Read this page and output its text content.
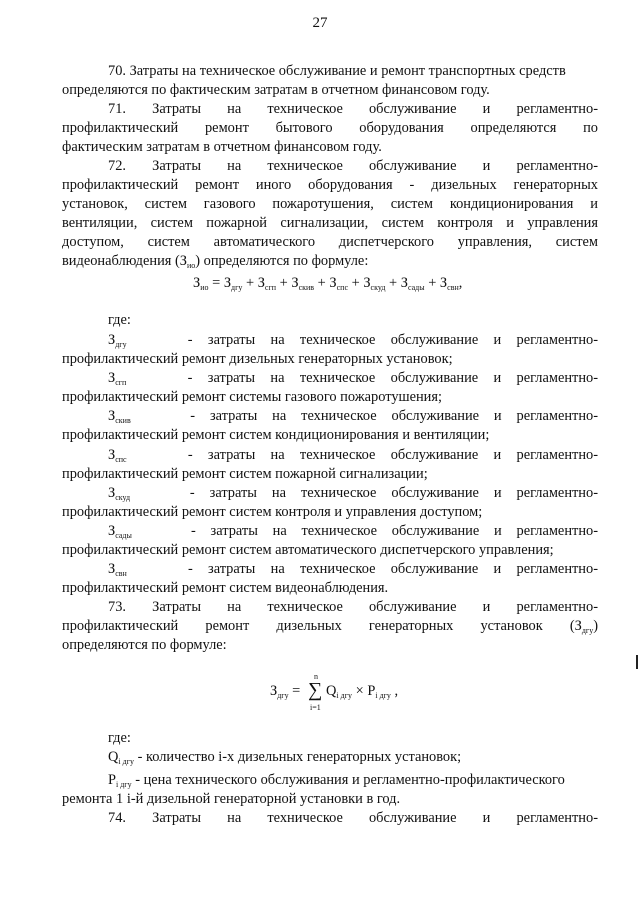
27
70. Затраты на техническое обслуживание и ремонт транспортных средств
определяются по фактическим затратам в отчетном финансовом году.
71. Затраты на техническое обслуживание и регламентно-
профилактический ремонт бытового оборудования определяются по
фактическим затратам в отчетном финансовом году.
72. Затраты на техническое обслуживание и регламентно-
профилактический ремонт иного оборудования - дизельных генераторных
установок, систем газового пожаротушения, систем кондиционирования и
вентиляции, систем пожарной сигнализации, систем контроля и управления
доступом, систем автоматического диспетчерского управления, систем
видеонаблюдения $(З_{ио})$ определяются по формуле:
$З_{ио} = З_{дгу} + З_{сгп} + З_{скив} + З_{спс} + З_{скуд} + З_{сады} + З_{свн}$,
где:
$З_{дгу}$	- затраты на техническое обслуживание и регламентно-
профилактический ремонт дизельных генераторных установок;
$З_{сгп}$	- затраты на техническое обслуживание и регламентно-
профилактический ремонт системы газового пожаротушения;
$З_{скив}$	- затраты на техническое обслуживание и регламентно-
профилактический ремонт систем кондиционирования и вентиляции;
$З_{спс}$	- затраты на техническое обслуживание и регламентно-
профилактический ремонт систем пожарной сигнализации;
$З_{скуд}$	- затраты на техническое обслуживание и регламентно-
профилактический ремонт систем контроля и управления доступом;
$З_{сады}$	- затраты на техническое обслуживание и регламентно-
профилактический ремонт систем автоматического диспетчерского управления;
$З_{свн}$	- затраты на техническое обслуживание и регламентно-
профилактический ремонт систем видеонаблюдения.
73. Затраты на техническое обслуживание и регламентно-
профилактический ремонт дизельных генераторных установок $(З_{дгу})$
определяются по формуле:
$З_{дгу}$ =
n
∑
i=1
$Q_{i дгу} \times P_{i дгу}$ ,
где:
$Q_{i дгу}$ - количество i-х дизельных генераторных установок;
$P_{i дгу}$ - цена технического обслуживания и регламентно-профилактического
ремонта 1 i-й дизельной генераторной установки в год.
74. Затраты на техническое обслуживание и регламентно-
